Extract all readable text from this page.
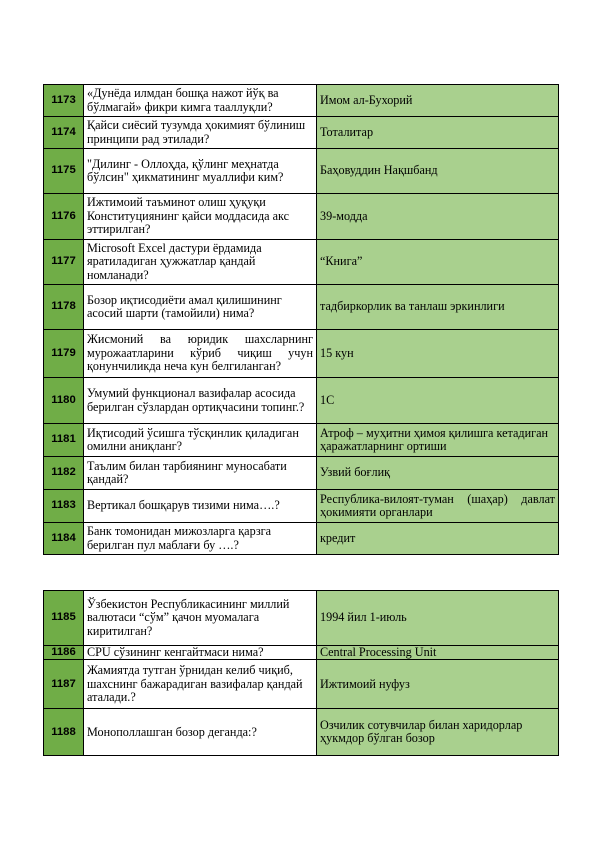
1173	«Дунёда илмдан бошқа нажот йўқ ва бўлмагай» фикри кимга тааллуқли?	Имом ал-Бухорий
1174	Қайси сиёсий тузумда ҳокимият бўлиниш принципи рад этилади?	Тоталитар
1175	"Дилинг - Оллоҳда, қўлинг меҳнатда бўлсин" ҳикматининг муаллифи ким?	Баҳовуддин Нақшбанд
1176	Ижтимоий таъминот олиш ҳуқуқи Конституциянинг қайси моддасида акс эттирилган?	39-модда
1177	Microsoft Excel дастури ёрдамида яратиладиган ҳужжатлар қандай номланади?	“Книга”
1178	Бозор иқтисодиёти амал қилишининг асосий шарти (тамойили) нима?	тадбиркорлик ва танлаш эркинлиги
1179	Жисмоний ва юридик шахсларнинг мурожаатларини кўриб чиқиш учун қонунчиликда неча кун белгиланган?	15 кун
1180	Умумий функционал вазифалар асосида берилган сўзлардан ортиқчасини топинг.?	1С
1181	Иқтисодий ўсишга тўсқинлик қиладиган омилни аниқланг?	Атроф – муҳитни ҳимоя қилишга кетадиган ҳаражатларнинг ортиши
1182	Таълим билан тарбиянинг муносабати қандай?	Узвий боғлиқ
1183	Вертикал бошқарув тизими нима….?	Республика-вилоят-туман (шаҳар) давлат ҳокимияти органлари
1184	Банк томонидан мижозларга қарзга берилган пул маблағи бу ….?	кредит
1185	Ўзбекистон Республикасининг миллий валютаси “сўм” қачон муомалага киритилган?	1994 йил 1-июль
1186	CPU сўзининг кенгайтмаси нима?	Central Processing Unit
1187	Жамиятда тутган ўрнидан келиб чиқиб, шахснинг бажарадиган вазифалар қандай аталади.?	Ижтимоий нуфуз
1188	Монополлашган бозор деганда:?	Озчилик сотувчилар билан харидорлар ҳукмдор бўлган бозор
